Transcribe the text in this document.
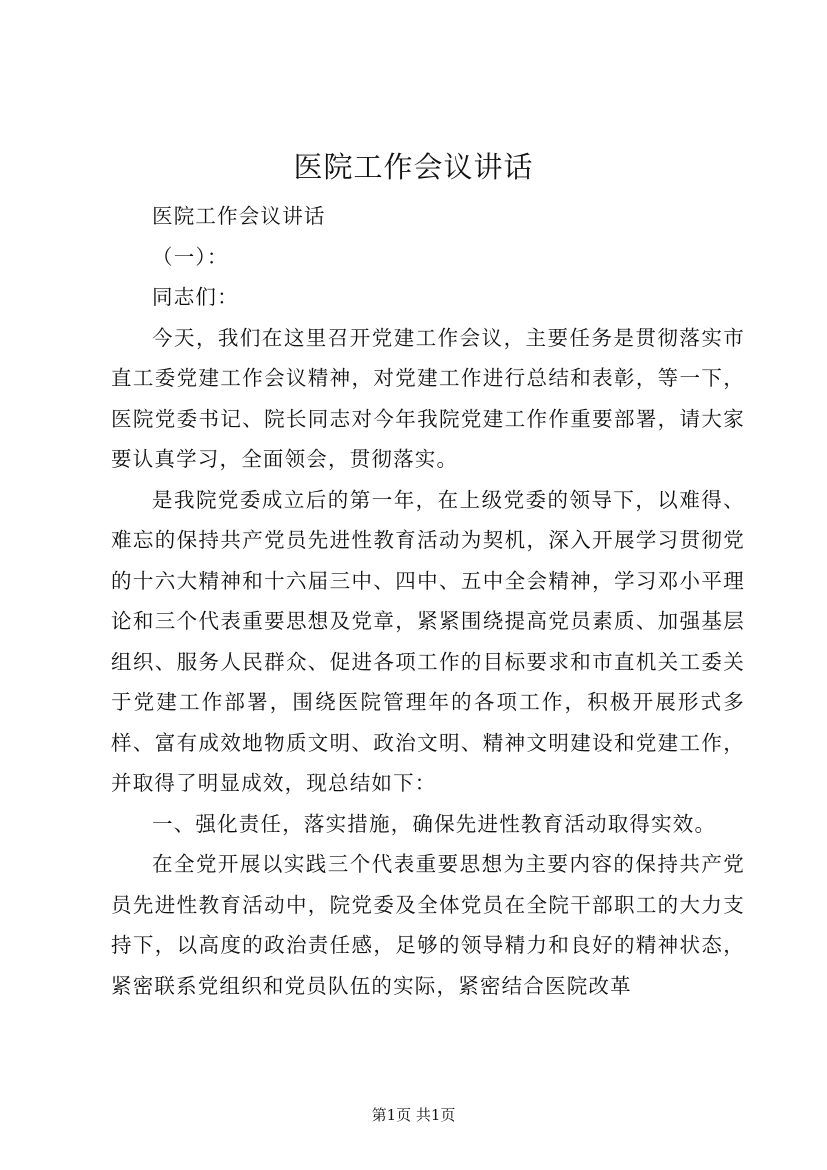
医院工作会议讲话

医院工作会议讲话

（一）：

同志们：

今天，我们在这里召开党建工作会议，主要任务是贯彻落实市直工委党建工作会议精神，对党建工作进行总结和表彰，等一下，医院党委书记、院长同志对今年我院党建工作作重要部署，请大家要认真学习，全面领会，贯彻落实。

是我院党委成立后的第一年，在上级党委的领导下，以难得、难忘的保持共产党员先进性教育活动为契机，深入开展学习贯彻党的十六大精神和十六届三中、四中、五中全会精神，学习邓小平理论和三个代表重要思想及党章，紧紧围绕提高党员素质、加强基层组织、服务人民群众、促进各项工作的目标要求和市直机关工委关于党建工作部署，围绕医院管理年的各项工作，积极开展形式多样、富有成效地物质文明、政治文明、精神文明建设和党建工作，并取得了明显成效，现总结如下：

一、强化责任，落实措施，确保先进性教育活动取得实效。

在全党开展以实践三个代表重要思想为主要内容的保持共产党员先进性教育活动中，院党委及全体党员在全院干部职工的大力支持下，以高度的政治责任感，足够的领导精力和良好的精神状态，紧密联系党组织和党员队伍的实际，紧密结合医院改革

第1页 共1页
